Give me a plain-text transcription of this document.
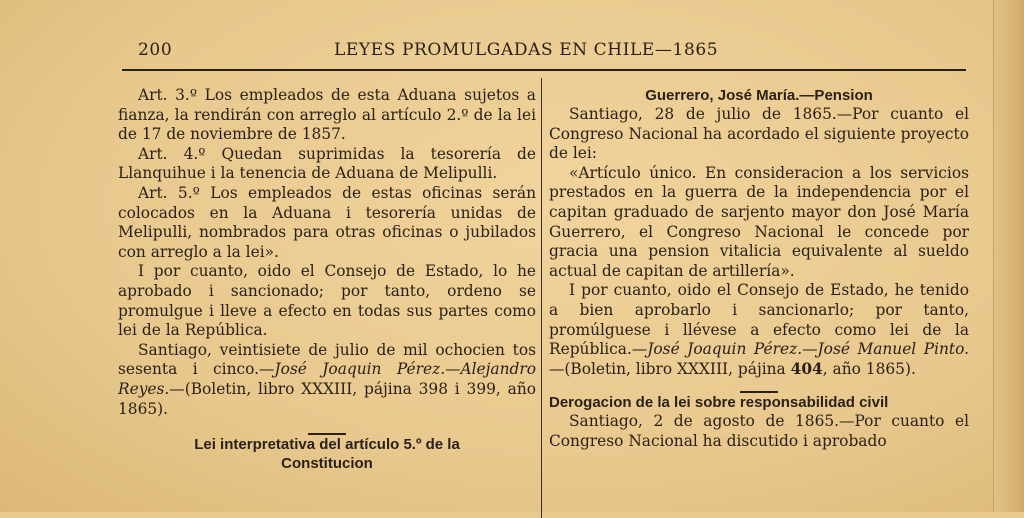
200	LEYES PROMULGADAS EN CHILE—1865

Art. 3.º Los empleados de esta Aduana sujetos a fianza, la rendirán con arreglo al artículo 2.º de la lei de 17 de noviembre de 1857.

Art. 4.º Quedan suprimidas la tesorería de Llanquihue i la tenencia de Aduana de Melipulli.

Art. 5.º Los empleados de estas oficinas serán colocados en la Aduana i tesorería unidas de Melipulli, nombrados para otras oficinas o jubilados con arreglo a la lei».

I por cuanto, oido el Consejo de Estado, lo he aprobado i sancionado; por tanto, ordeno se promulgue i lleve a efecto en todas sus partes como lei de la República.

Santiago, veintisiete de julio de mil ochocien tos sesenta i cinco.—José Joaquin Pérez.—Alejandro Reyes.—(Boletin, libro XXXIII, pájina 398 i 399, año 1865).

Lei interpretativa del artículo 5.º de la
Constitucion

Guerrero, José María.—Pension

Santiago, 28 de julio de 1865.—Por cuanto el Congreso Nacional ha acordado el siguiente proyecto de lei:

«Artículo único. En consideracion a los servicios prestados en la guerra de la independencia por el capitan graduado de sarjento mayor don José María Guerrero, el Congreso Nacional le concede por gracia una pension vitalicia equivalente al sueldo actual de capitan de artillería».

I por cuanto, oido el Consejo de Estado, he tenido a bien aprobarlo i sancionarlo; por tanto, promúlguese i llévese a efecto como lei de la República.—José Joaquin Pérez.—José Manuel Pinto.—(Boletin, libro XXXIII, pájina 404, año 1865).

Derogacion de la lei sobre responsabilidad civil

Santiago, 2 de agosto de 1865.—Por cuanto el Congreso Nacional ha discutido i aprobado
